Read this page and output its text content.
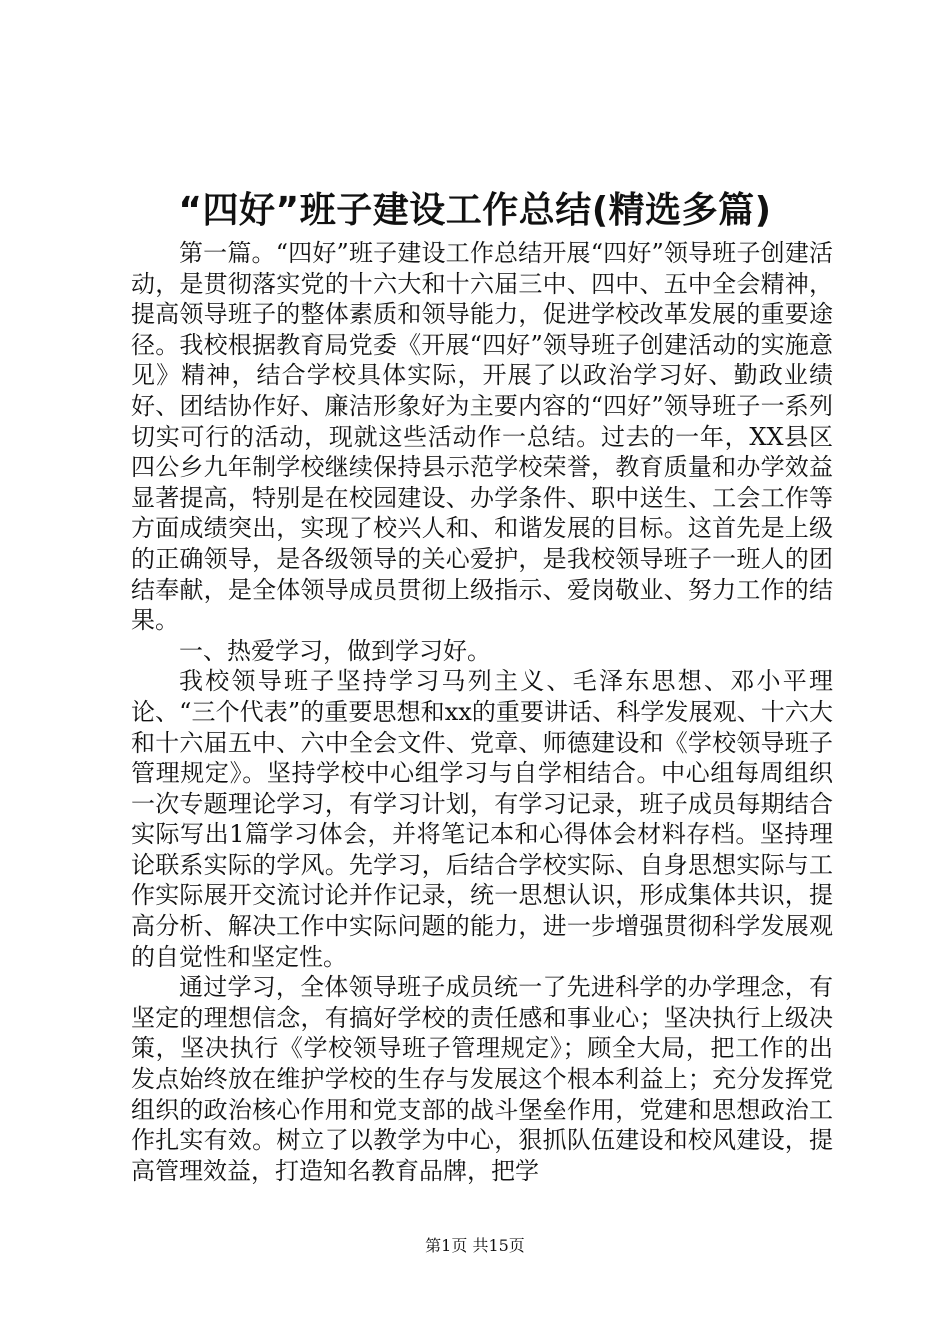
“四好”班子建设工作总结(精选多篇)

第一篇。“四好”班子建设工作总结开展“四好”领导班子创建活动，是贯彻落实党的十六大和十六届三中、四中、五中全会精神，提高领导班子的整体素质和领导能力，促进学校改革发展的重要途径。我校根据教育局党委《开展“四好”领导班子创建活动的实施意见》精神，结合学校具体实际，开展了以政治学习好、勤政业绩好、团结协作好、廉洁形象好为主要内容的“四好”领导班子一系列切实可行的活动，现就这些活动作一总结。过去的一年，XX县区四公乡九年制学校继续保持县示范学校荣誉，教育质量和办学效益显著提高，特别是在校园建设、办学条件、职中送生、工会工作等方面成绩突出，实现了校兴人和、和谐发展的目标。这首先是上级的正确领导，是各级领导的关心爱护，是我校领导班子一班人的团结奉献，是全体领导成员贯彻上级指示、爱岗敬业、努力工作的结果。

一、热爱学习，做到学习好。

我校领导班子坚持学习马列主义、毛泽东思想、邓小平理论、“三个代表”的重要思想和xx的重要讲话、科学发展观、十六大和十六届五中、六中全会文件、党章、师德建设和《学校领导班子管理规定》。坚持学校中心组学习与自学相结合。中心组每周组织一次专题理论学习，有学习计划，有学习记录，班子成员每期结合实际写出1篇学习体会，并将笔记本和心得体会材料存档。坚持理论联系实际的学风。先学习，后结合学校实际、自身思想实际与工作实际展开交流讨论并作记录，统一思想认识，形成集体共识，提高分析、解决工作中实际问题的能力，进一步增强贯彻科学发展观的自觉性和坚定性。

通过学习，全体领导班子成员统一了先进科学的办学理念，有坚定的理想信念，有搞好学校的责任感和事业心；坚决执行上级决策，坚决执行《学校领导班子管理规定》；顾全大局，把工作的出发点始终放在维护学校的生存与发展这个根本利益上；充分发挥党组织的政治核心作用和党支部的战斗堡垒作用，党建和思想政治工作扎实有效。树立了以教学为中心，狠抓队伍建设和校风建设，提高管理效益，打造知名教育品牌，把学

第1页 共15页
